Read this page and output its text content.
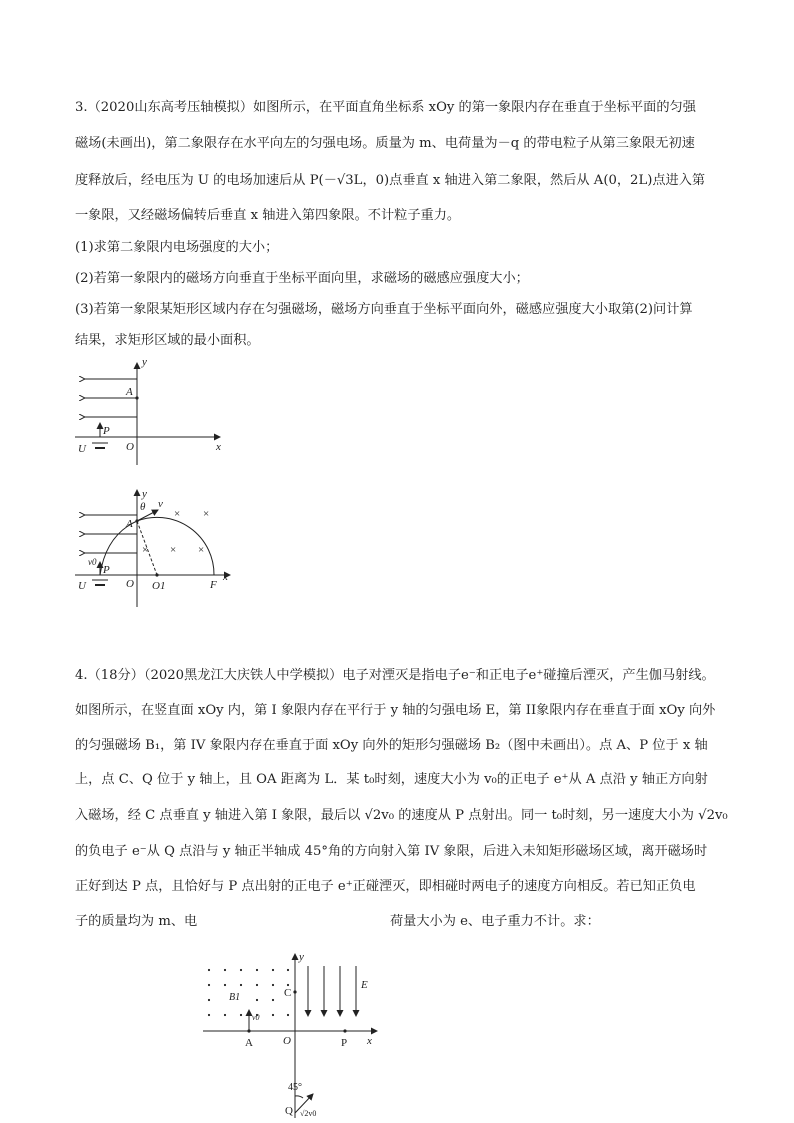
3.（2020山东高考压轴模拟）如图所示，在平面直角坐标系 xOy 的第一象限内存在垂直于坐标平面的匀强
磁场(未画出)，第二象限存在水平向左的匀强电场。质量为 m、电荷量为－q 的带电粒子从第三象限无初速
度释放后，经电压为 U 的电场加速后从 P(－√3L，0)点垂直 x 轴进入第二象限，然后从 A(0，2L)点进入第
一象限，又经磁场偏转后垂直 x 轴进入第四象限。不计粒子重力。
(1)求第二象限内电场强度的大小；
(2)若第一象限内的磁场方向垂直于坐标平面向里，求磁场的磁感应强度大小；
(3)若第一象限某矩形区域内存在匀强磁场，磁场方向垂直于坐标平面向外，磁感应强度大小取第(2)问计算
结果，求矩形区域的最小面积。
y
x
O
A
P
U
× ×
× × ×
y
x
O
A
P
U
θ v
v0
O1	F
4.（18分）（2020黑龙江大庆铁人中学模拟）电子对湮灭是指电子e⁻和正电子e⁺碰撞后湮灭，产生伽马射线。
如图所示，在竖直面 xOy 内，第 I 象限内存在平行于 y 轴的匀强电场 E，第 II象限内存在垂直于面 xOy 向外
的匀强磁场 B₁，第 IV 象限内存在垂直于面 xOy 向外的矩形匀强磁场 B₂（图中未画出）。点 A、P 位于 x 轴
上，点 C、Q 位于 y 轴上，且 OA 距离为 L．某 t₀时刻，速度大小为 v₀的正电子 e⁺从 A 点沿 y 轴正方向射
入磁场，经 C 点垂直 y 轴进入第 I 象限，最后以 √2v₀ 的速度从 P 点射出。同一 t₀时刻，另一速度大小为 √2v₀
的负电子 e⁻从 Q 点沿与 y 轴正半轴成 45°角的方向射入第 IV 象限，后进入未知矩形磁场区域，离开磁场时
正好到达 P 点，且恰好与 P 点出射的正电子 e⁺正碰湮灭，即相碰时两电子的速度方向相反。若已知正负电
子的质量均为 m、电	荷量大小为 e、电子重力不计。求：
y
x
O
A	P
C
Q
E
B1
v0
45°
√2v0
